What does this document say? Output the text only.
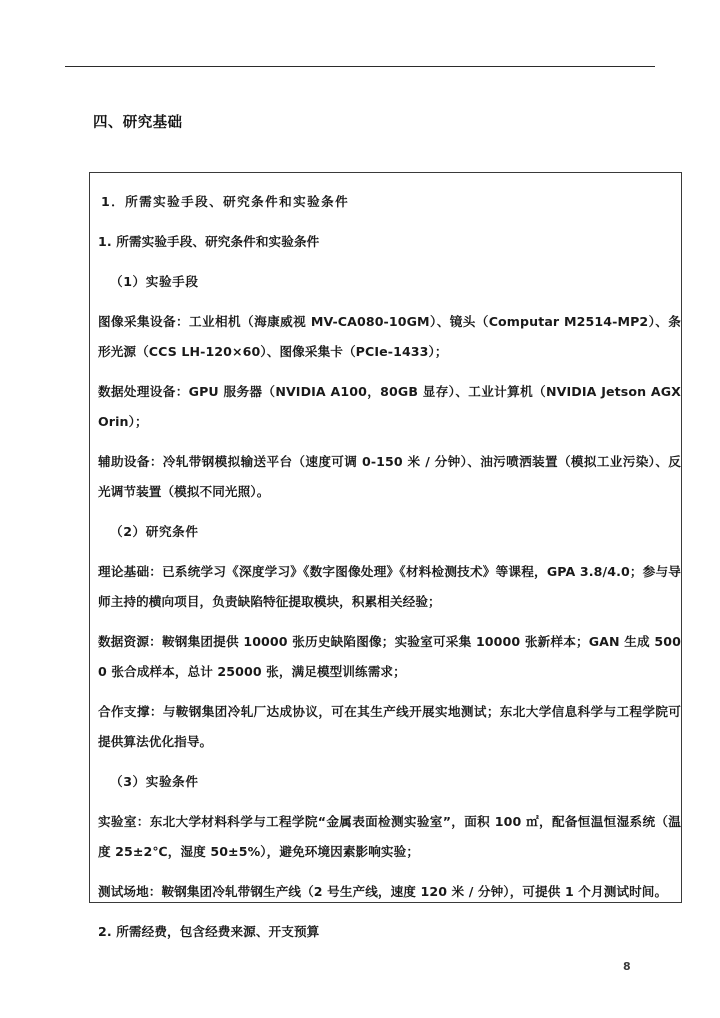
四、研究基础

1．所需实验手段、研究条件和实验条件

1. 所需实验手段、研究条件和实验条件

（1）实验手段

图像采集设备：工业相机（海康威视 MV-CA080-10GM）、镜头（Computar M2514-MP2）、条形光源（CCS LH-120×60）、图像采集卡（PCIe-1433）；

数据处理设备：GPU 服务器（NVIDIA A100，80GB 显存）、工业计算机（NVIDIA Jetson AGX Orin）；

辅助设备：冷轧带钢模拟输送平台（速度可调 0-150 米 / 分钟）、油污喷洒装置（模拟工业污染）、反光调节装置（模拟不同光照）。

（2）研究条件

理论基础：已系统学习《深度学习》《数字图像处理》《材料检测技术》等课程，GPA 3.8/4.0；参与导师主持的横向项目，负责缺陷特征提取模块，积累相关经验；

数据资源：鞍钢集团提供 10000 张历史缺陷图像；实验室可采集 10000 张新样本；GAN 生成 5000 张合成样本，总计 25000 张，满足模型训练需求；

合作支撑：与鞍钢集团冷轧厂达成协议，可在其生产线开展实地测试；东北大学信息科学与工程学院可提供算法优化指导。

（3）实验条件

实验室：东北大学材料科学与工程学院“金属表面检测实验室”，面积 100 ㎡，配备恒温恒湿系统（温度 25±2℃，湿度 50±5%），避免环境因素影响实验；

测试场地：鞍钢集团冷轧带钢生产线（2 号生产线，速度 120 米 / 分钟），可提供 1 个月测试时间。

2. 所需经费，包含经费来源、开支预算

8
